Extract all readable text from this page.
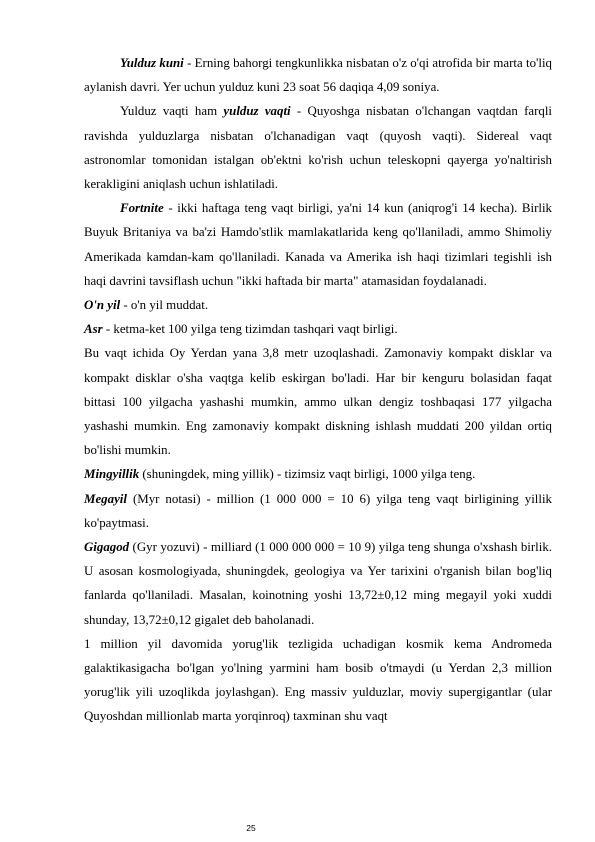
Yulduz kuni - Erning bahorgi tengkunlikka nisbatan o'z o'qi atrofida bir marta to'liq aylanish davri. Yer uchun yulduz kuni 23 soat 56 daqiqa 4,09 soniya.

Yulduz vaqti ham yulduz vaqti - Quyoshga nisbatan o'lchangan vaqtdan farqli ravishda yulduzlarga nisbatan o'lchanadigan vaqt (quyosh vaqti). Sidereal vaqt astronomlar tomonidan istalgan ob'ektni ko'rish uchun teleskopni qayerga yo'naltirish kerakligini aniqlash uchun ishlatiladi.

Fortnite - ikki haftaga teng vaqt birligi, ya'ni 14 kun (aniqrog'i 14 kecha). Birlik Buyuk Britaniya va ba'zi Hamdo'stlik mamlakatlarida keng qo'llaniladi, ammo Shimoliy Amerikada kamdan-kam qo'llaniladi. Kanada va Amerika ish haqi tizimlari tegishli ish haqi davrini tavsiflash uchun "ikki haftada bir marta" atamasidan foydalanadi.

O'n yil - o'n yil muddat.

Asr - ketma-ket 100 yilga teng tizimdan tashqari vaqt birligi.

Bu vaqt ichida Oy Yerdan yana 3,8 metr uzoqlashadi. Zamonaviy kompakt disklar va kompakt disklar o'sha vaqtga kelib eskirgan bo'ladi. Har bir kenguru bolasidan faqat bittasi 100 yilgacha yashashi mumkin, ammo ulkan dengiz toshbaqasi 177 yilgacha yashashi mumkin. Eng zamonaviy kompakt diskning ishlash muddati 200 yildan ortiq bo'lishi mumkin.

Mingyillik (shuningdek, ming yillik) - tizimsiz vaqt birligi, 1000 yilga teng.

Megayil (Myr notasi) - million (1 000 000 = 10 6) yilga teng vaqt birligining yillik ko'paytmasi.

Gigagod (Gyr yozuvi) - milliard (1 000 000 000 = 10 9) yilga teng shunga o'xshash birlik. U asosan kosmologiyada, shuningdek, geologiya va Yer tarixini o'rganish bilan bog'liq fanlarda qo'llaniladi. Masalan, koinotning yoshi 13,72±0,12 ming megayil yoki xuddi shunday, 13,72±0,12 gigalet deb baholanadi.

1 million yil davomida yorug'lik tezligida uchadigan kosmik kema Andromeda galaktikasigacha bo'lgan yo'lning yarmini ham bosib o'tmaydi (u Yerdan 2,3 million yorug'lik yili uzoqlikda joylashgan). Eng massiv yulduzlar, moviy supergigantlar (ular Quyoshdan millionlab marta yorqinroq) taxminan shu vaqt

25
